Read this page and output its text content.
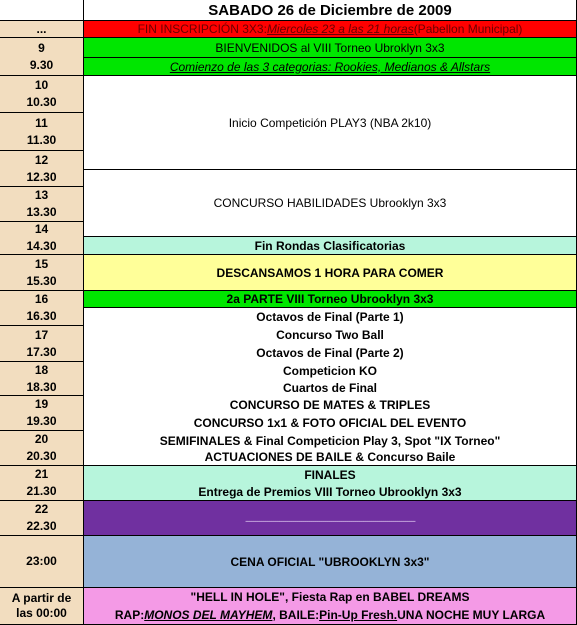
SABADO 26 de Diciembre de 2009
...	FIN INSCRIPCIÓN 3X3: Miercoles 23 a las 21 horas (Pabellon Municipal)
9
9.30
10
10.30
11
11.30
12
12.30
13
13.30
14
14.30
15
15.30
16
16.30
17
17.30
18
18.30
19
19.30
20
20.30
21
21.30
22
22.30
23:00
BIENVENIDOS al VIII Torneo Ubroklyn 3x3
Comienzo de las 3 categorias: Rookies, Medianos & Allstars
Inicio Competición PLAY3 (NBA 2k10)
CONCURSO HABILIDADES Ubrooklyn 3x3
Fin Rondas Clasificatorias
DESCANSAMOS 1 HORA PARA COMER
2a PARTE VIII Torneo Ubrooklyn 3x3
Octavos de Final (Parte 1)
Concurso Two Ball
Octavos de Final (Parte 2)
Competicion KO
Cuartos de Final
CONCURSO DE MATES & TRIPLES
CONCURSO 1x1 & FOTO OFICIAL DEL EVENTO
SEMIFINALES & Final Competicion Play 3, Spot "IX Torneo"
ACTUACIONES DE BAILE & Concurso Baile
FINALES
Entrega de Premios VIII Torneo Ubrooklyn 3x3
-------------------------------------------------------------------------------------
CENA OFICIAL "UBROOKLYN 3x3"
"HELL IN HOLE", Fiesta Rap en BABEL DREAMS
RAP: MONOS DEL MAYHEM , BAILE: Pin-Up Fresh. UNA NOCHE MUY LARGA
A partir de
las 00:00
